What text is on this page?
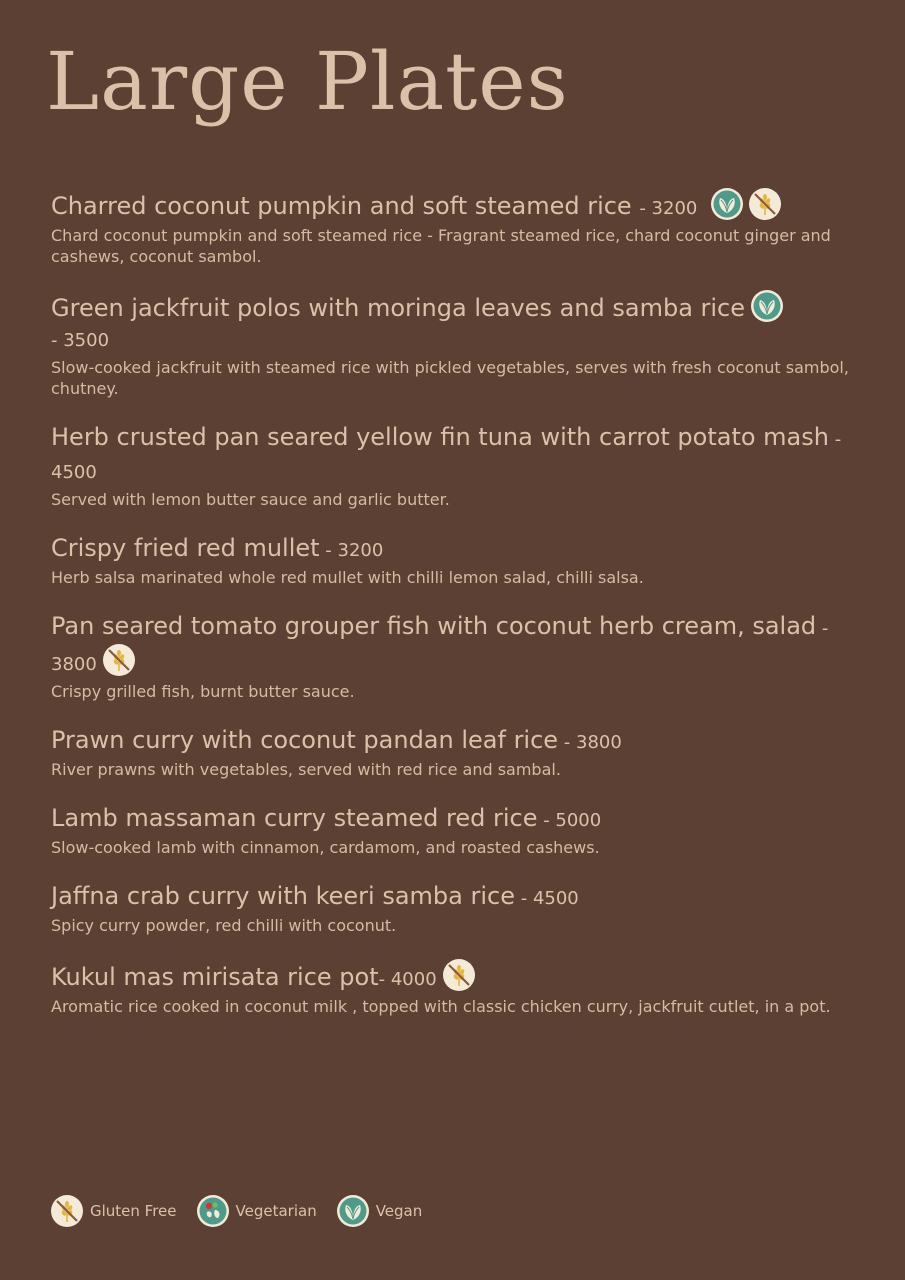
Large Plates
Charred coconut pumpkin and soft steamed rice - 3200
Chard coconut pumpkin and soft steamed rice - Fragrant steamed rice, chard coconut ginger and cashews, coconut sambol.
Green jackfruit polos with moringa leaves and samba rice

- 3500
Slow-cooked jackfruit with steamed rice with pickled vegetables, serves with fresh coconut sambol, chutney.
Herb crusted pan seared yellow fin tuna with carrot potato mash - 4500
Served with lemon butter sauce and garlic butter.
Crispy fried red mullet - 3200
Herb salsa marinated whole red mullet with chilli lemon salad, chilli salsa.
Pan seared tomato grouper fish with coconut herb cream, salad - 3800
Crispy grilled fish, burnt butter sauce.
Prawn curry with coconut pandan leaf rice - 3800
River prawns with vegetables, served with red rice and sambal.
Lamb massaman curry steamed red rice - 5000
Slow-cooked lamb with cinnamon, cardamom, and roasted cashews.
Jaffna crab curry with keeri samba rice - 4500
Spicy curry powder, red chilli with coconut.
Kukul mas mirisata rice pot- 4000
Aromatic rice cooked in coconut milk , topped with classic chicken curry, jackfruit cutlet, in a pot.
Gluten Free	Vegetarian	Vegan
